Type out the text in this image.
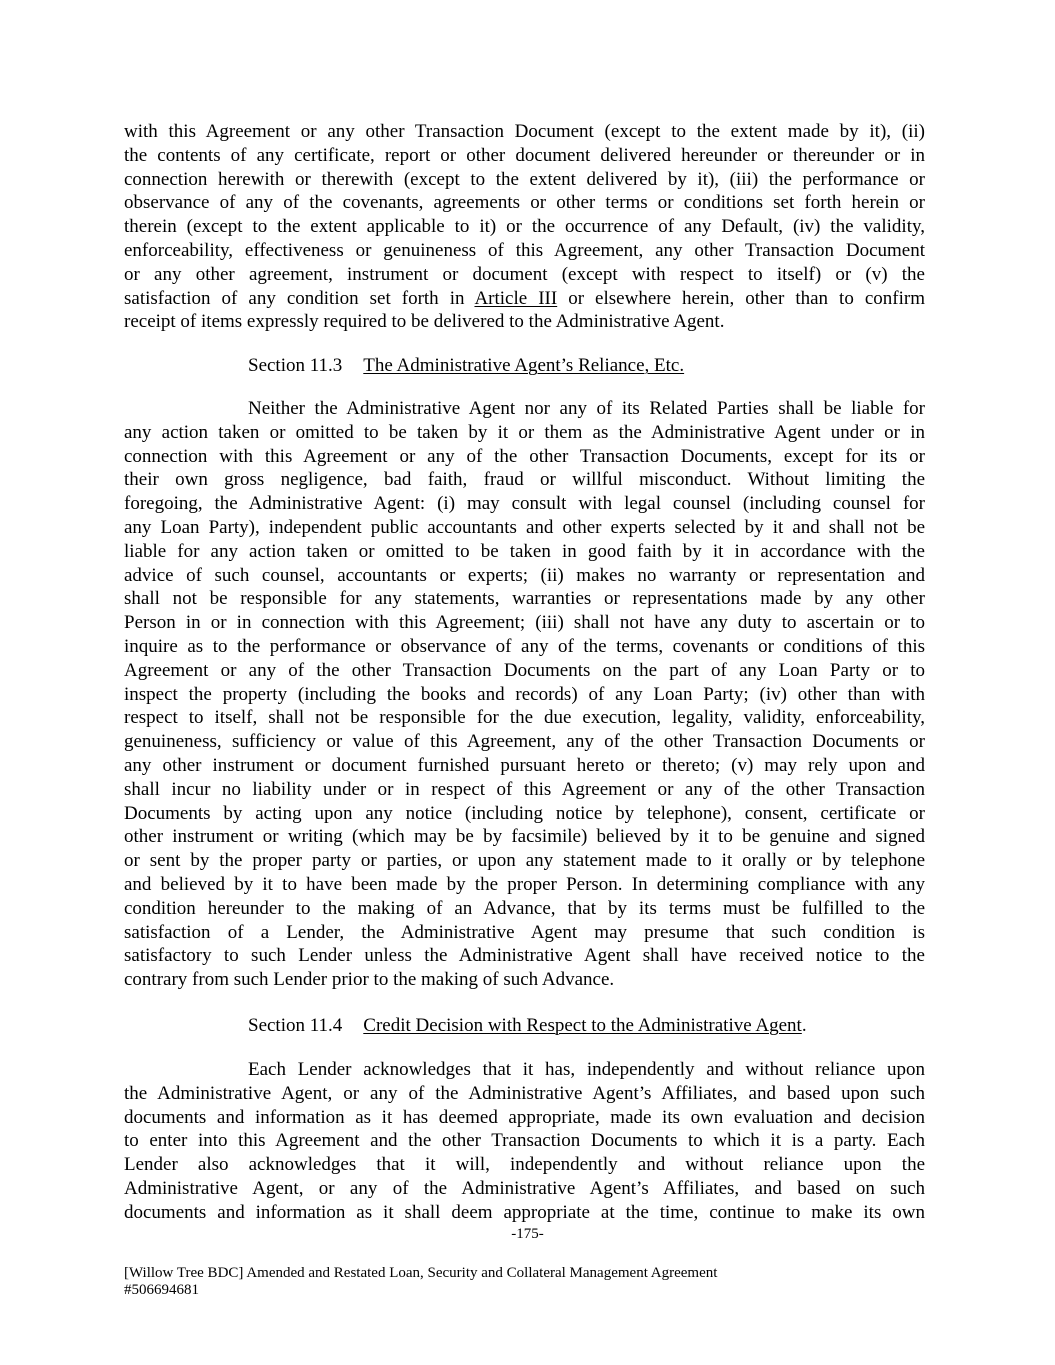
with this Agreement or any other Transaction Document (except to the extent made by it), (ii)
the contents of any certificate, report or other document delivered hereunder or thereunder or in
connection herewith or therewith (except to the extent delivered by it), (iii) the performance or
observance of any of the covenants, agreements or other terms or conditions set forth herein or
therein (except to the extent applicable to it) or the occurrence of any Default, (iv) the validity,
enforceability, effectiveness or genuineness of this Agreement, any other Transaction Document
or any other agreement, instrument or document (except with respect to itself) or (v) the
satisfaction of any condition set forth in Article III or elsewhere herein, other than to confirm
receipt of items expressly required to be delivered to the Administrative Agent.
Section 11.3 The Administrative Agent’s Reliance, Etc.
Neither the Administrative Agent nor any of its Related Parties shall be liable for
any action taken or omitted to be taken by it or them as the Administrative Agent under or in
connection with this Agreement or any of the other Transaction Documents, except for its or
their own gross negligence, bad faith, fraud or willful misconduct. Without limiting the
foregoing, the Administrative Agent: (i) may consult with legal counsel (including counsel for
any Loan Party), independent public accountants and other experts selected by it and shall not be
liable for any action taken or omitted to be taken in good faith by it in accordance with the
advice of such counsel, accountants or experts; (ii) makes no warranty or representation and
shall not be responsible for any statements, warranties or representations made by any other
Person in or in connection with this Agreement; (iii) shall not have any duty to ascertain or to
inquire as to the performance or observance of any of the terms, covenants or conditions of this
Agreement or any of the other Transaction Documents on the part of any Loan Party or to
inspect the property (including the books and records) of any Loan Party; (iv) other than with
respect to itself, shall not be responsible for the due execution, legality, validity, enforceability,
genuineness, sufficiency or value of this Agreement, any of the other Transaction Documents or
any other instrument or document furnished pursuant hereto or thereto; (v) may rely upon and
shall incur no liability under or in respect of this Agreement or any of the other Transaction
Documents by acting upon any notice (including notice by telephone), consent, certificate or
other instrument or writing (which may be by facsimile) believed by it to be genuine and signed
or sent by the proper party or parties, or upon any statement made to it orally or by telephone
and believed by it to have been made by the proper Person. In determining compliance with any
condition hereunder to the making of an Advance, that by its terms must be fulfilled to the
satisfaction of a Lender, the Administrative Agent may presume that such condition is
satisfactory to such Lender unless the Administrative Agent shall have received notice to the
contrary from such Lender prior to the making of such Advance.
Section 11.4 Credit Decision with Respect to the Administrative Agent.
Each Lender acknowledges that it has, independently and without reliance upon
the Administrative Agent, or any of the Administrative Agent’s Affiliates, and based upon such
documents and information as it has deemed appropriate, made its own evaluation and decision
to enter into this Agreement and the other Transaction Documents to which it is a party. Each
Lender also acknowledges that it will, independently and without reliance upon the
Administrative Agent, or any of the Administrative Agent’s Affiliates, and based on such
documents and information as it shall deem appropriate at the time, continue to make its own
-175-
[Willow Tree BDC] Amended and Restated Loan, Security and Collateral Management Agreement
#506694681
